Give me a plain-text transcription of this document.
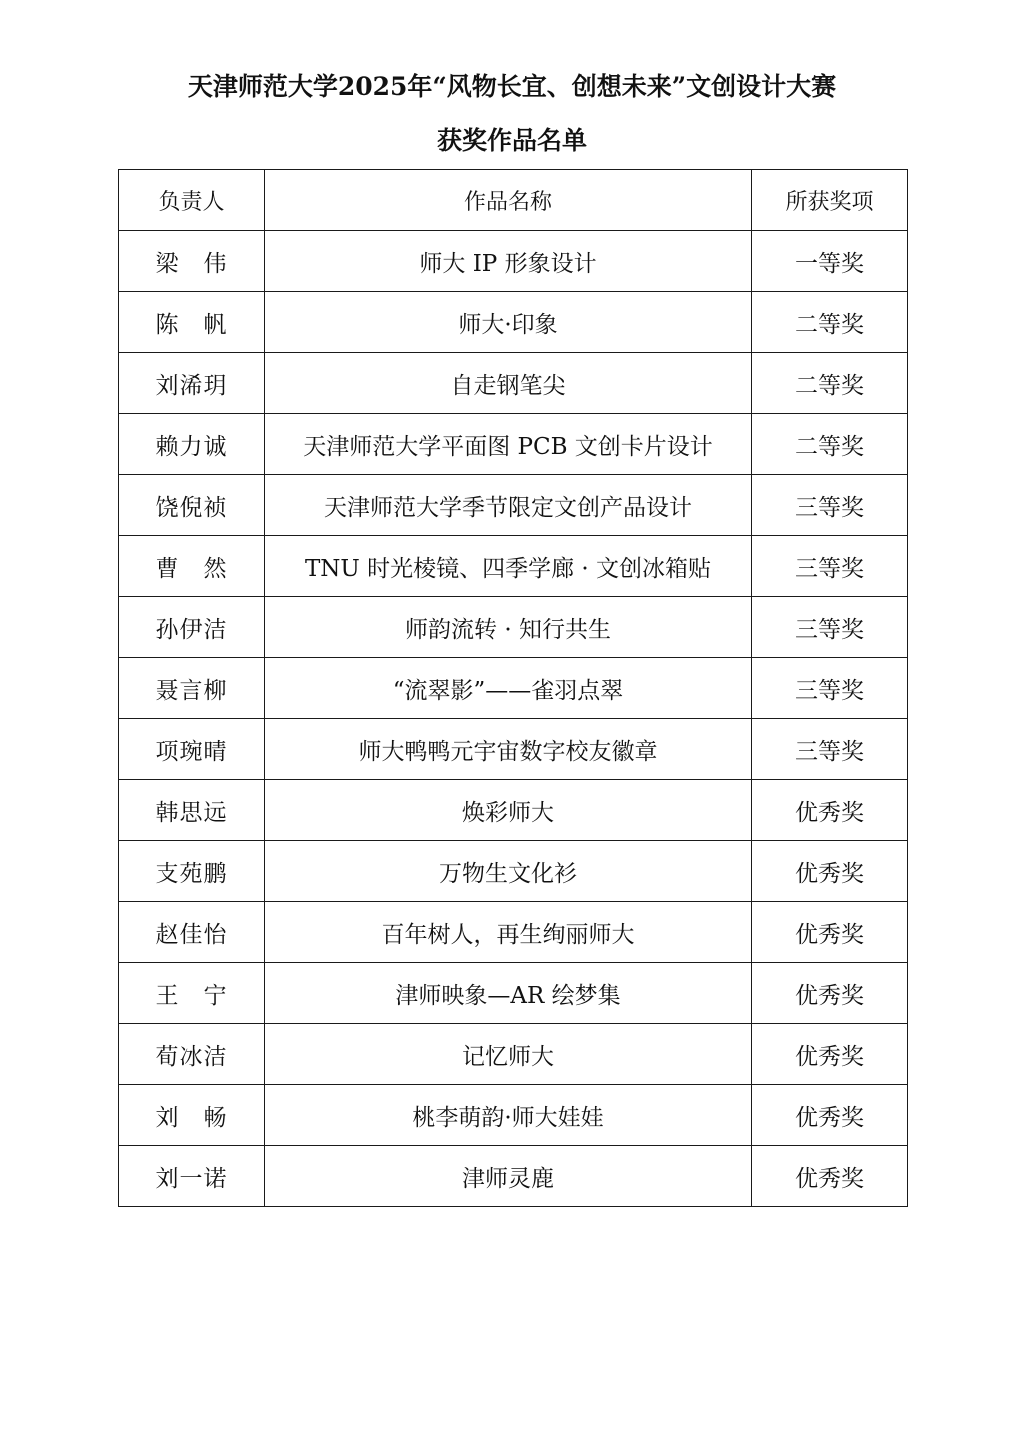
天津师范大学2025年“风物长宜、创想未来”文创设计大赛
获奖作品名单
负责人	作品名称	所获奖项
梁　伟	师大 IP 形象设计	一等奖
陈　帆	师大·印象	二等奖
刘浠玥	自走钢笔尖	二等奖
赖力诚	天津师范大学平面图 PCB 文创卡片设计	二等奖
饶倪祯	天津师范大学季节限定文创产品设计	三等奖
曹　然	TNU 时光棱镜、四季学廊 · 文创冰箱贴	三等奖
孙伊洁	师韵流转 · 知行共生	三等奖
聂言柳	“流翠影”——雀羽点翠	三等奖
项琬晴	师大鸭鸭元宇宙数字校友徽章	三等奖
韩思远	焕彩师大	优秀奖
支苑鹏	万物生文化衫	优秀奖
赵佳怡	百年树人，再生绚丽师大	优秀奖
王　宁	津师映象—AR 绘梦集	优秀奖
荀冰洁	记忆师大	优秀奖
刘　畅	桃李萌韵·师大娃娃	优秀奖
刘一诺	津师灵鹿	优秀奖
